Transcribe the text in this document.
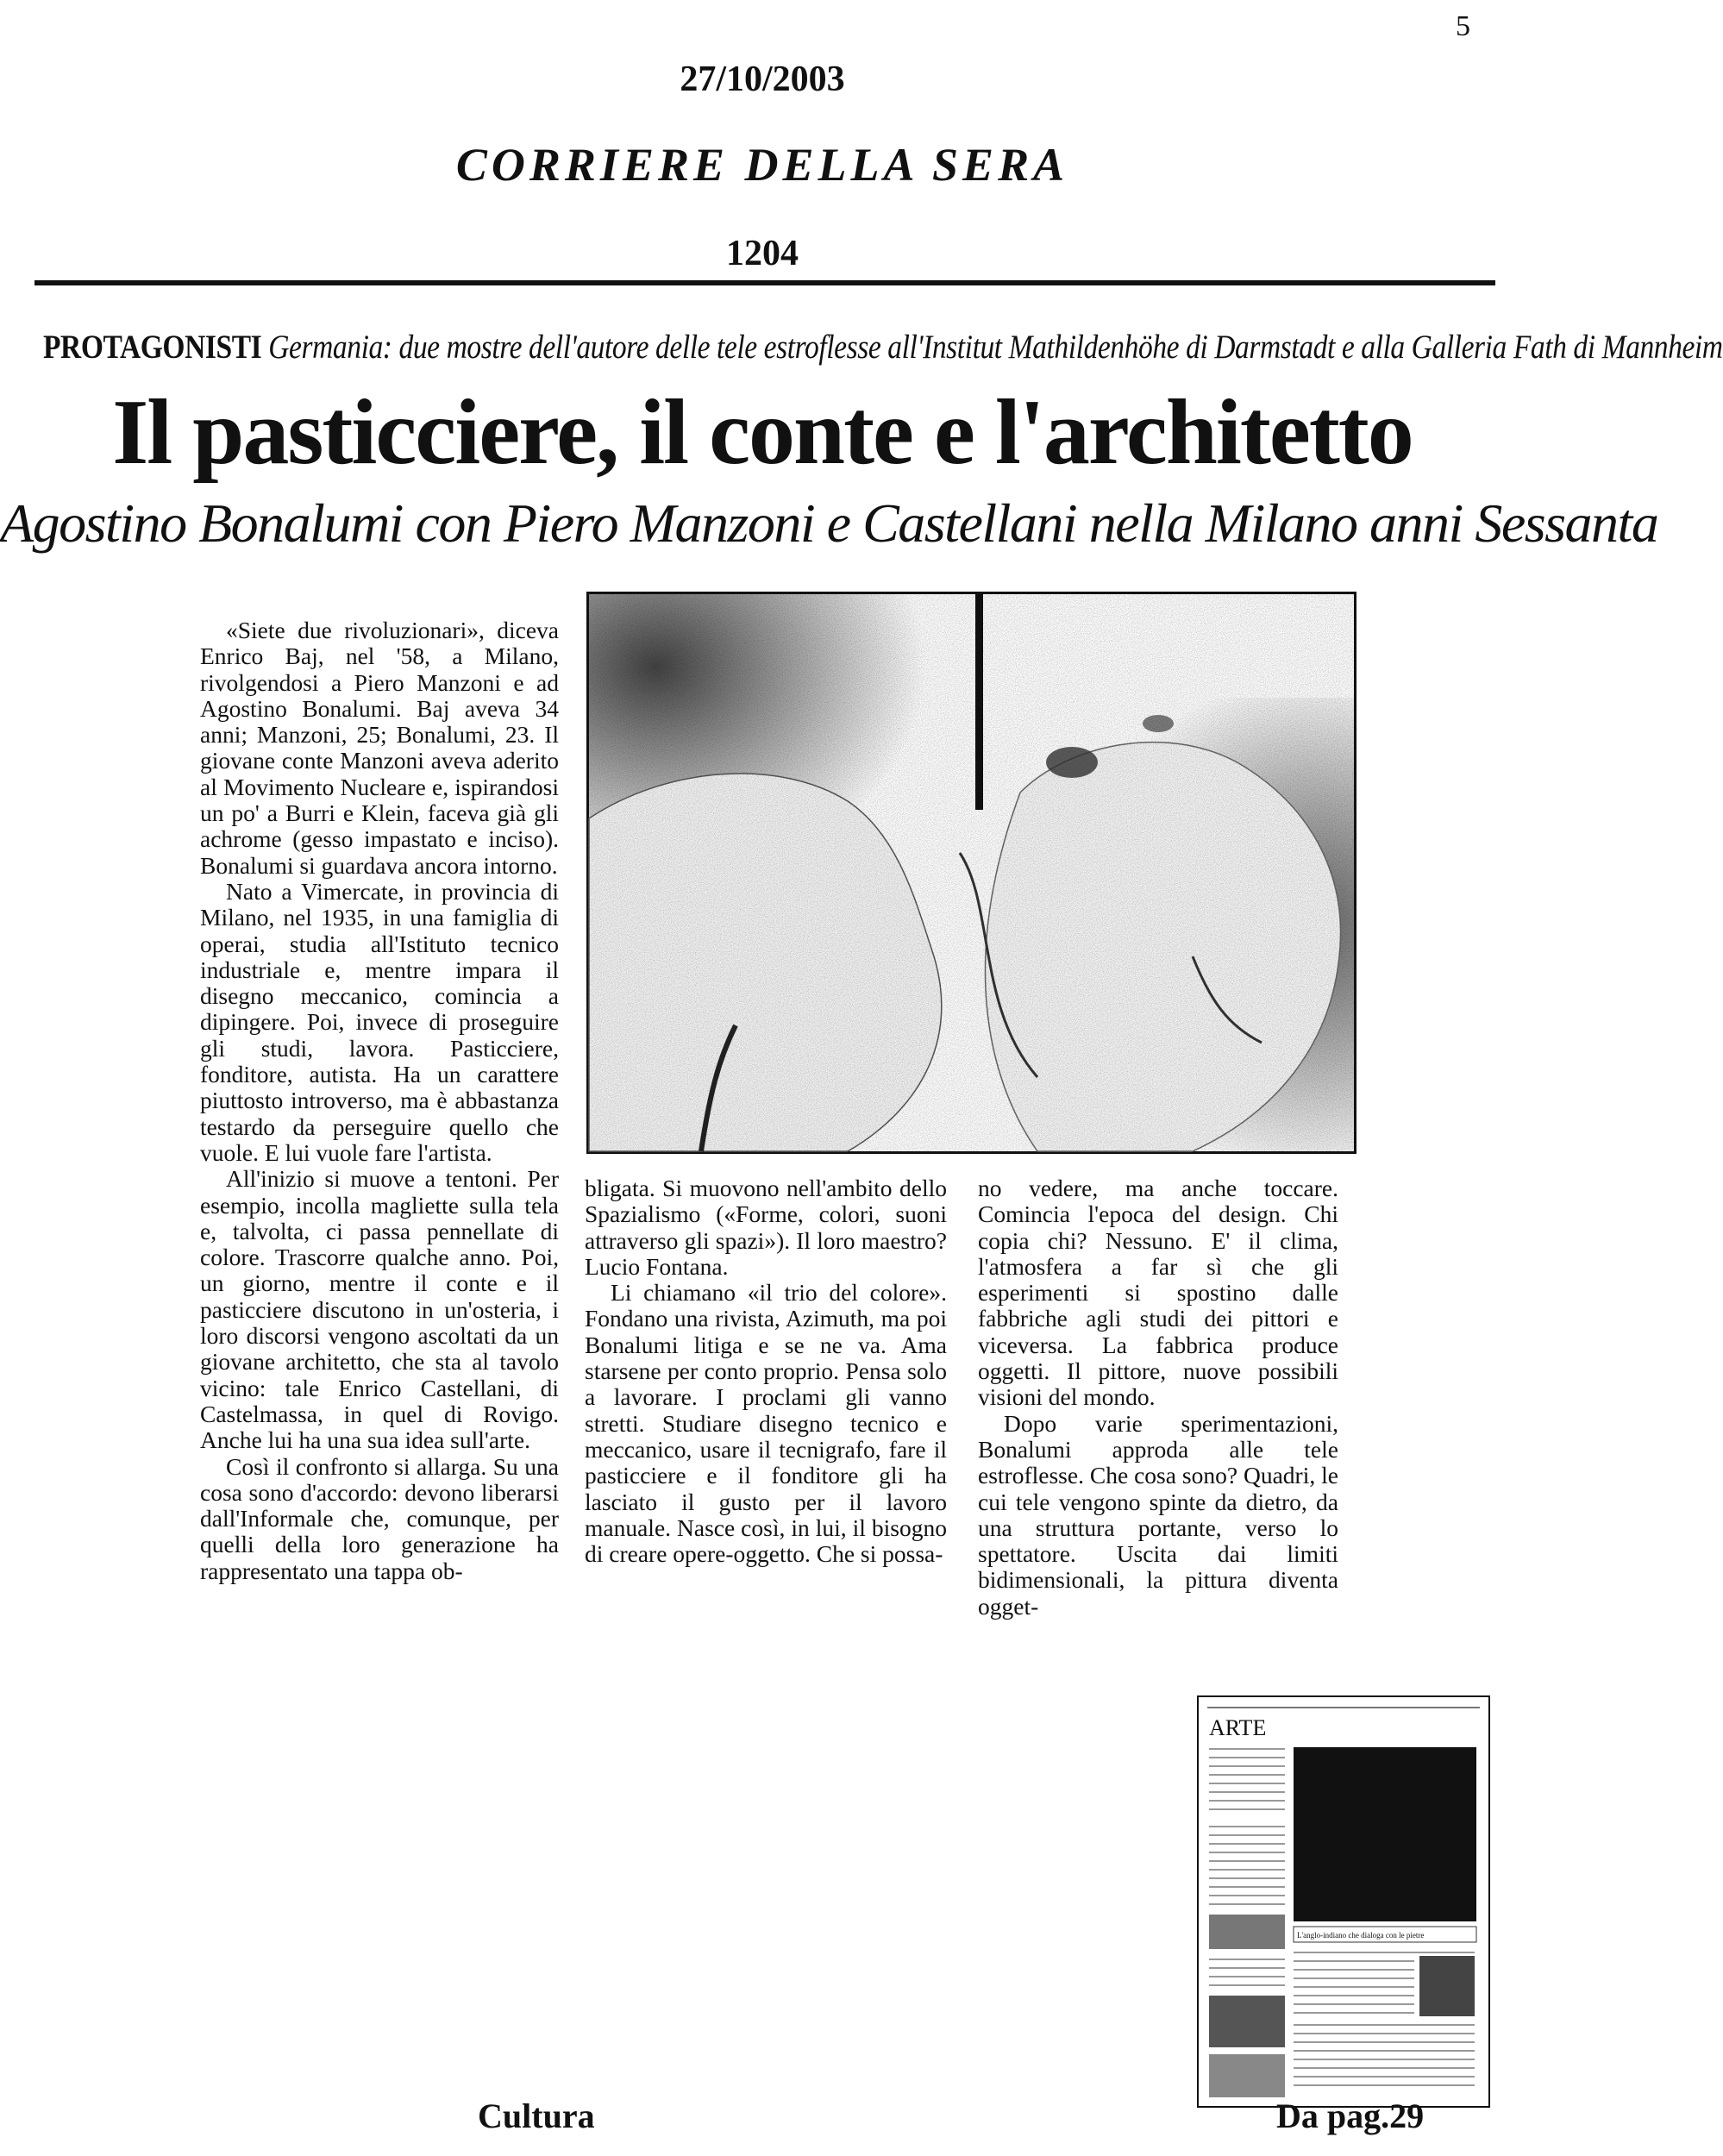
5
27/10/2003
CORRIERE DELLA SERA
1204
PROTAGONISTI Germania: due mostre dell'autore delle tele estroflesse all'Institut Mathildenhöhe di Darmstadt e alla Galleria Fath di Mannheim
Il pasticciere, il conte e l'architetto
Agostino Bonalumi con Piero Manzoni e Castellani nella Milano anni Sessanta

«Siete due rivoluzionari», diceva Enrico Baj, nel '58, a Milano, rivolgendosi a Piero Manzoni e ad Agostino Bonalumi. Baj aveva 34 anni; Manzoni, 25; Bonalumi, 23. Il giovane conte Manzoni aveva aderito al Movimento Nucleare e, ispirandosi un po' a Burri e Klein, faceva già gli achrome (gesso impastato e inciso). Bonalumi si guardava ancora intorno.

Nato a Vimercate, in provincia di Milano, nel 1935, in una famiglia di operai, studia all'Istituto tecnico industriale e, mentre impara il disegno meccanico, comincia a dipingere. Poi, invece di proseguire gli studi, lavora. Pasticciere, fonditore, autista. Ha un carattere piuttosto introverso, ma è abbastanza testardo da perseguire quello che vuole. E lui vuole fare l'artista.

All'inizio si muove a tentoni. Per esempio, incolla magliette sulla tela e, talvolta, ci passa pennellate di colore. Trascorre qualche anno. Poi, un giorno, mentre il conte e il pasticciere discutono in un'osteria, i loro discorsi vengono ascoltati da un giovane architetto, che sta al tavolo vicino: tale Enrico Castellani, di Castelmassa, in quel di Rovigo. Anche lui ha una sua idea sull'arte.

Così il confronto si allarga. Su una cosa sono d'accordo: devono liberarsi dall'Informale che, comunque, per quelli della loro generazione ha rappresentato una tappa ob-

bligata. Si muovono nell'ambito dello Spazialismo («Forme, colori, suoni attraverso gli spazi»). Il loro maestro? Lucio Fontana.

Li chiamano «il trio del colore». Fondano una rivista, Azimuth, ma poi Bonalumi litiga e se ne va. Ama starsene per conto proprio. Pensa solo a lavorare. I proclami gli vanno stretti. Studiare disegno tecnico e meccanico, usare il tecnigrafo, fare il pasticciere e il fonditore gli ha lasciato il gusto per il lavoro manuale. Nasce così, in lui, il bisogno di creare opere-oggetto. Che si possa-

no vedere, ma anche toccare. Comincia l'epoca del design. Chi copia chi? Nessuno. E' il clima, l'atmosfera a far sì che gli esperimenti si spostino dalle fabbriche agli studi dei pittori e viceversa. La fabbrica produce oggetti. Il pittore, nuove possibili visioni del mondo.

Dopo varie sperimentazioni, Bonalumi approda alle tele estroflesse. Che cosa sono? Quadri, le cui tele vengono spinte da dietro, da una struttura portante, verso lo spettatore. Uscita dai limiti bidimensionali, la pittura diventa ogget-

ARTE
L'anglo-indiano che dialoga con le pietre
Cultura	Da pag.29
